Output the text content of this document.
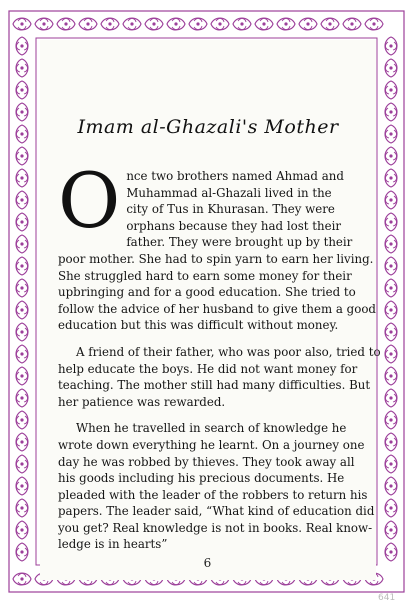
Imam al-Ghazali's Mother
O nce two brothers named Ahmad and
Muhammad al-Ghazali lived in the
city of Tus in Khurasan. They were
orphans because they had lost their
father. They were brought up by their
poor mother. She had to spin yarn to earn her living.
She struggled hard to earn some money for their
upbringing and for a good education. She tried to
follow the advice of her husband to give them a good
education but this was difficult without money.
A friend of their father, who was poor also, tried to
help educate the boys. He did not want money for
teaching. The mother still had many difficulties. But
her patience was rewarded.
When he travelled in search of knowledge he
wrote down everything he learnt. On a journey one
day he was robbed by thieves. They took away all
his goods including his precious documents. He
pleaded with the leader of the robbers to return his
papers. The leader said, “What kind of education did
you get? Real knowledge is not in books. Real know-
ledge is in hearts”
6
641
